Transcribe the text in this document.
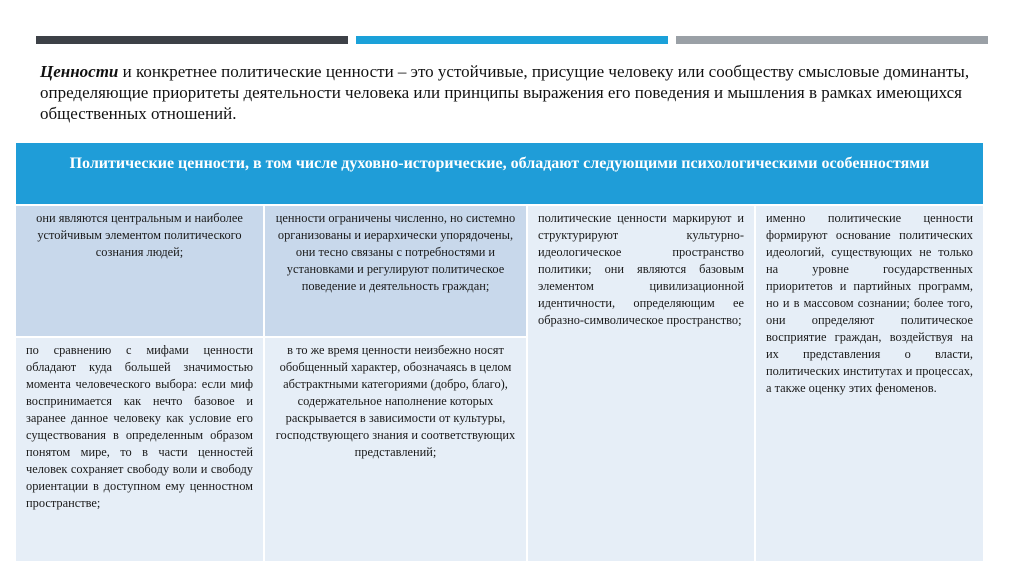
Ценности и конкретнее политические ценности – это устойчивые, присущие человеку или сообществу смысловые доминанты, определяющие приоритеты деятельности человека или принципы выражения его поведения и мышления в рамках имеющихся общественных отношений.
Политические ценности, в том числе духовно-исторические, обладают следующими психологическими особенностями
они являются центральным и наиболее устойчивым элементом политического сознания людей;
ценности ограничены численно, но системно организованы и иерархически упорядочены, они тесно связаны с потребностями и установками и регулируют политическое поведение и деятельность граждан;
политические ценности маркируют и структурируют культурно-идеологическое пространство политики; они являются базовым элементом цивилизационной идентичности, определяющим ее образно-символическое пространство;
именно политические ценности формируют основание политических идеологий, существующих не только на уровне государственных приоритетов и партийных программ, но и в массовом сознании; более того, они определяют политическое восприятие граждан, воздействуя на их представления о власти, политических институтах и процессах, а также оценку этих феноменов.
по сравнению с мифами ценности обладают куда большей значимостью момента человеческого выбора: если миф воспринимается как нечто базовое и заранее данное человеку как условие его существования в определенным образом понятом мире, то в части ценностей человек сохраняет свободу воли и свободу ориентации в доступном ему ценностном пространстве;
в то же время ценности неизбежно носят обобщенный характер, обозначаясь в целом абстрактными категориями (добро, благо), содержательное наполнение которых раскрывается в зависимости от культуры, господствующего знания и соответствующих представлений;
